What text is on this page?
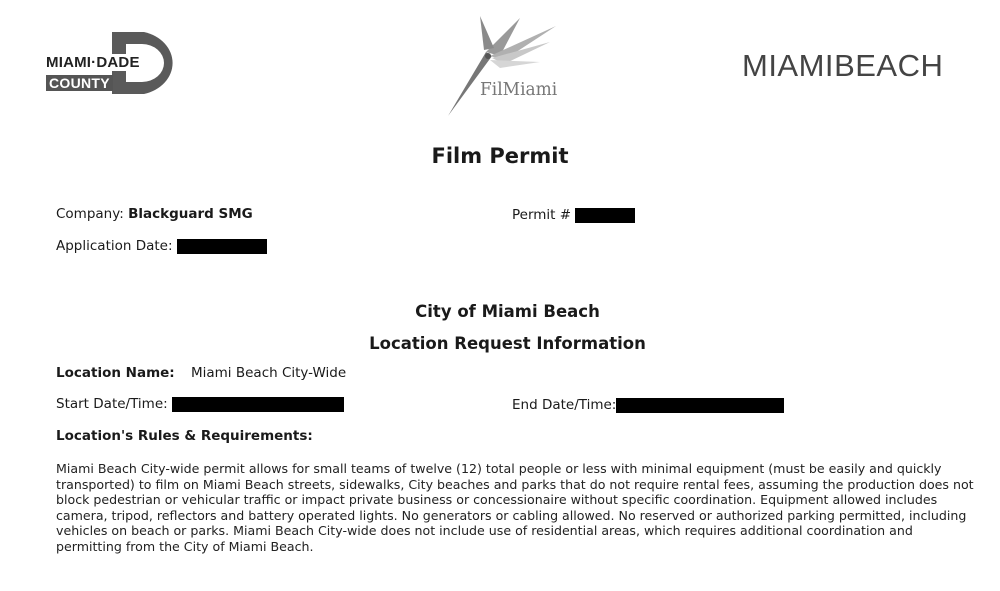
MIAMI·DADE
COUNTY	FilMiami
MIAMIBEACH
Film Permit
Company: Blackguard SMG	Permit #
Application Date:
City of Miami Beach
Location Request Information
Location Name: Miami Beach City-Wide
Start Date/Time:	End Date/Time:
Location's Rules & Requirements:
Miami Beach City-wide permit allows for small teams of twelve (12) total people or less with minimal equipment (must be easily and quickly transported) to film on Miami Beach streets, sidewalks, City beaches and parks that do not require rental fees, assuming the production does not block pedestrian or vehicular traffic or impact private business or concessionaire without specific coordination. Equipment allowed includes camera, tripod, reflectors and battery operated lights. No generators or cabling allowed. No reserved or authorized parking permitted, including vehicles on beach or parks. Miami Beach City-wide does not include use of residential areas, which requires additional coordination and permitting from the City of Miami Beach.
